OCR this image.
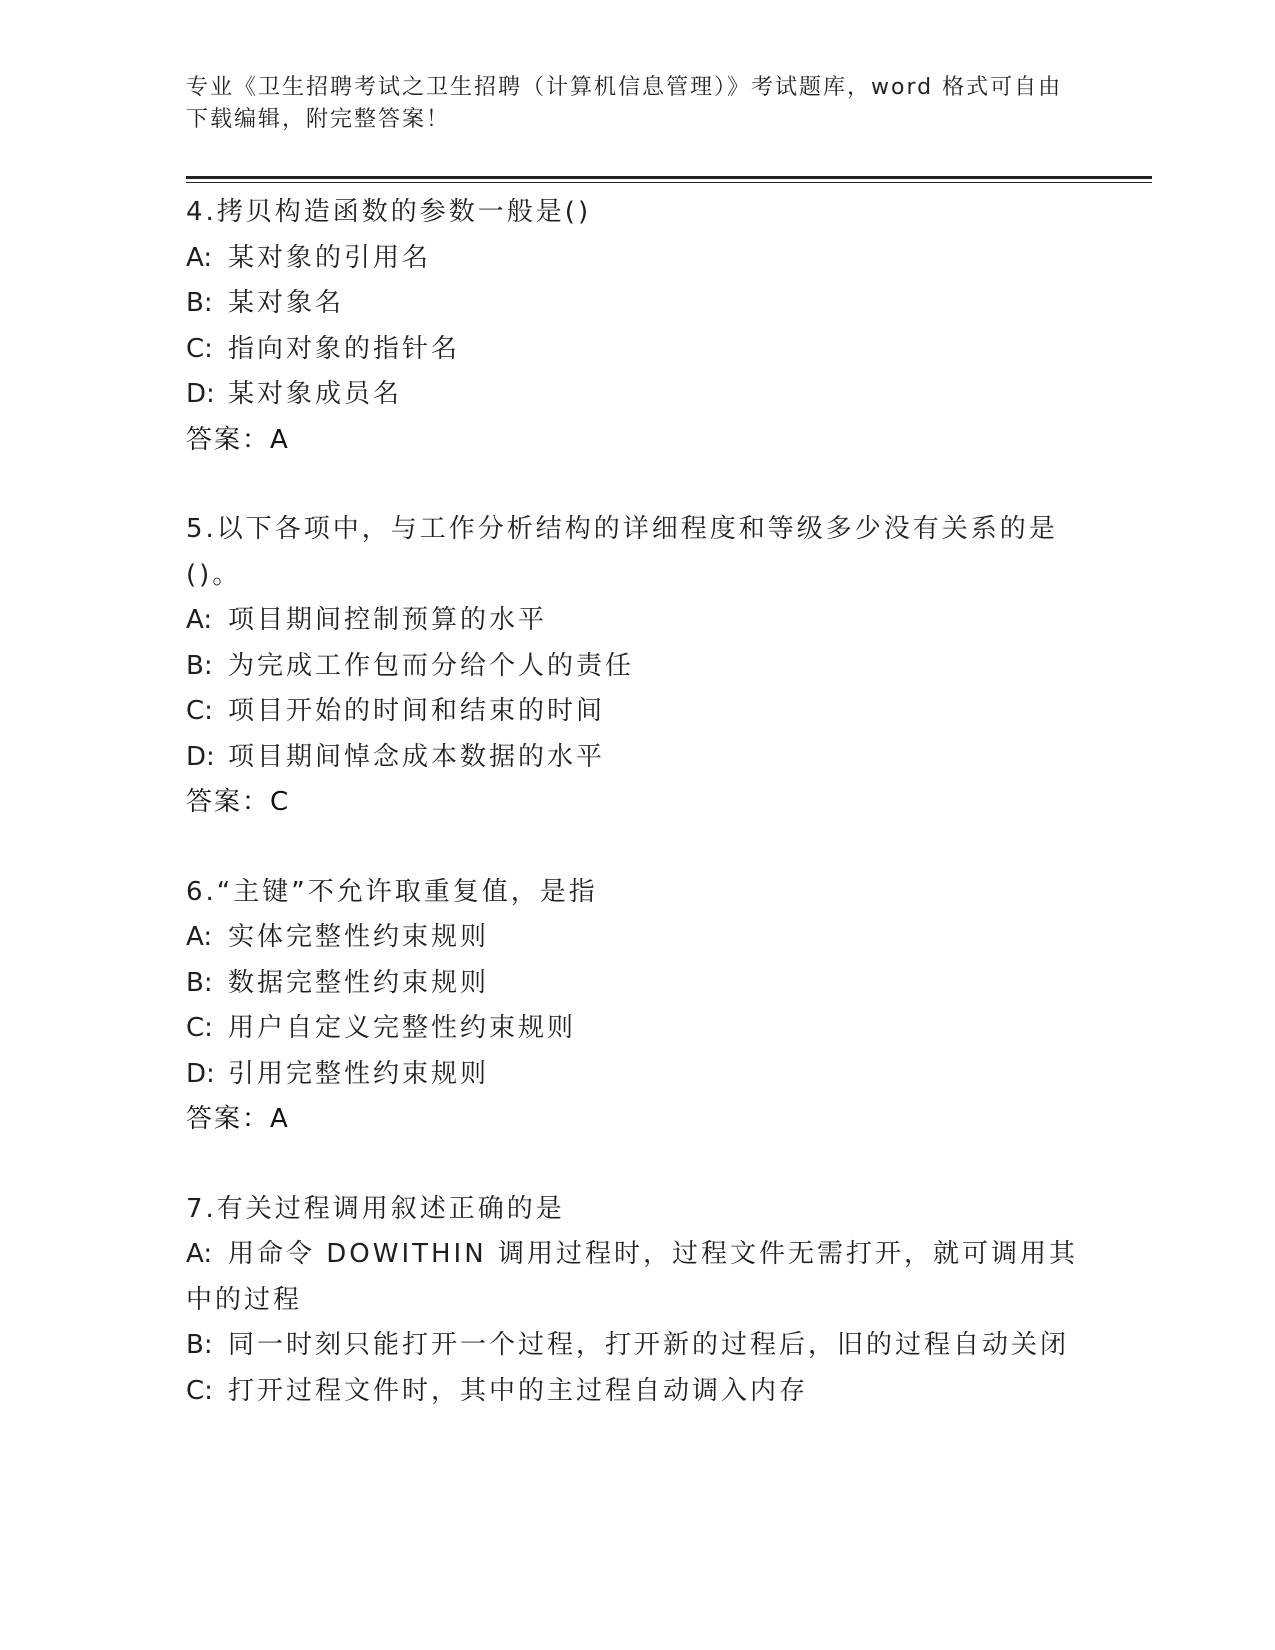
专业《卫生招聘考试之卫生招聘（计算机信息管理）》考试题库，word 格式可自由下载编辑，附完整答案！
4.拷贝构造函数的参数一般是()
A: 某对象的引用名
B: 某对象名
C: 指向对象的指针名
D: 某对象成员名
答案：A
5.以下各项中，与工作分析结构的详细程度和等级多少没有关系的是()。
A: 项目期间控制预算的水平
B: 为完成工作包而分给个人的责任
C: 项目开始的时间和结束的时间
D: 项目期间悼念成本数据的水平
答案：C
6.“主键”不允许取重复值，是指
A: 实体完整性约束规则
B: 数据完整性约束规则
C: 用户自定义完整性约束规则
D: 引用完整性约束规则
答案：A
7.有关过程调用叙述正确的是
A: 用命令 DOWITHIN 调用过程时，过程文件无需打开，就可调用其中的过程
B: 同一时刻只能打开一个过程，打开新的过程后，旧的过程自动关闭
C: 打开过程文件时，其中的主过程自动调入内存
